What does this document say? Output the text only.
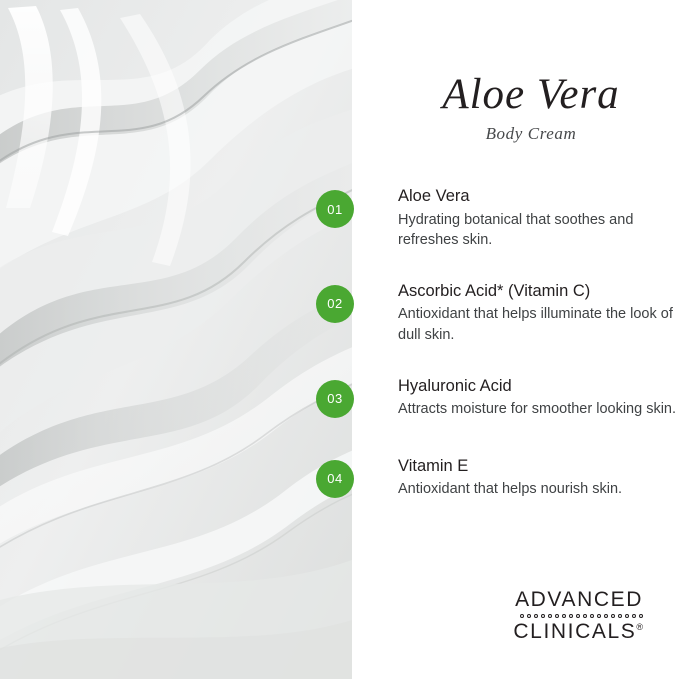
Aloe Vera
Body Cream
01
Aloe Vera
Hydrating botanical that soothes and refreshes skin.
02
Ascorbic Acid* (Vitamin C)
Antioxidant that helps illuminate the look of dull skin.
03
Hyaluronic Acid
Attracts moisture for smoother looking skin.
04
Vitamin E
Antioxidant that helps nourish skin.
ADVANCED
CLINICALS®
